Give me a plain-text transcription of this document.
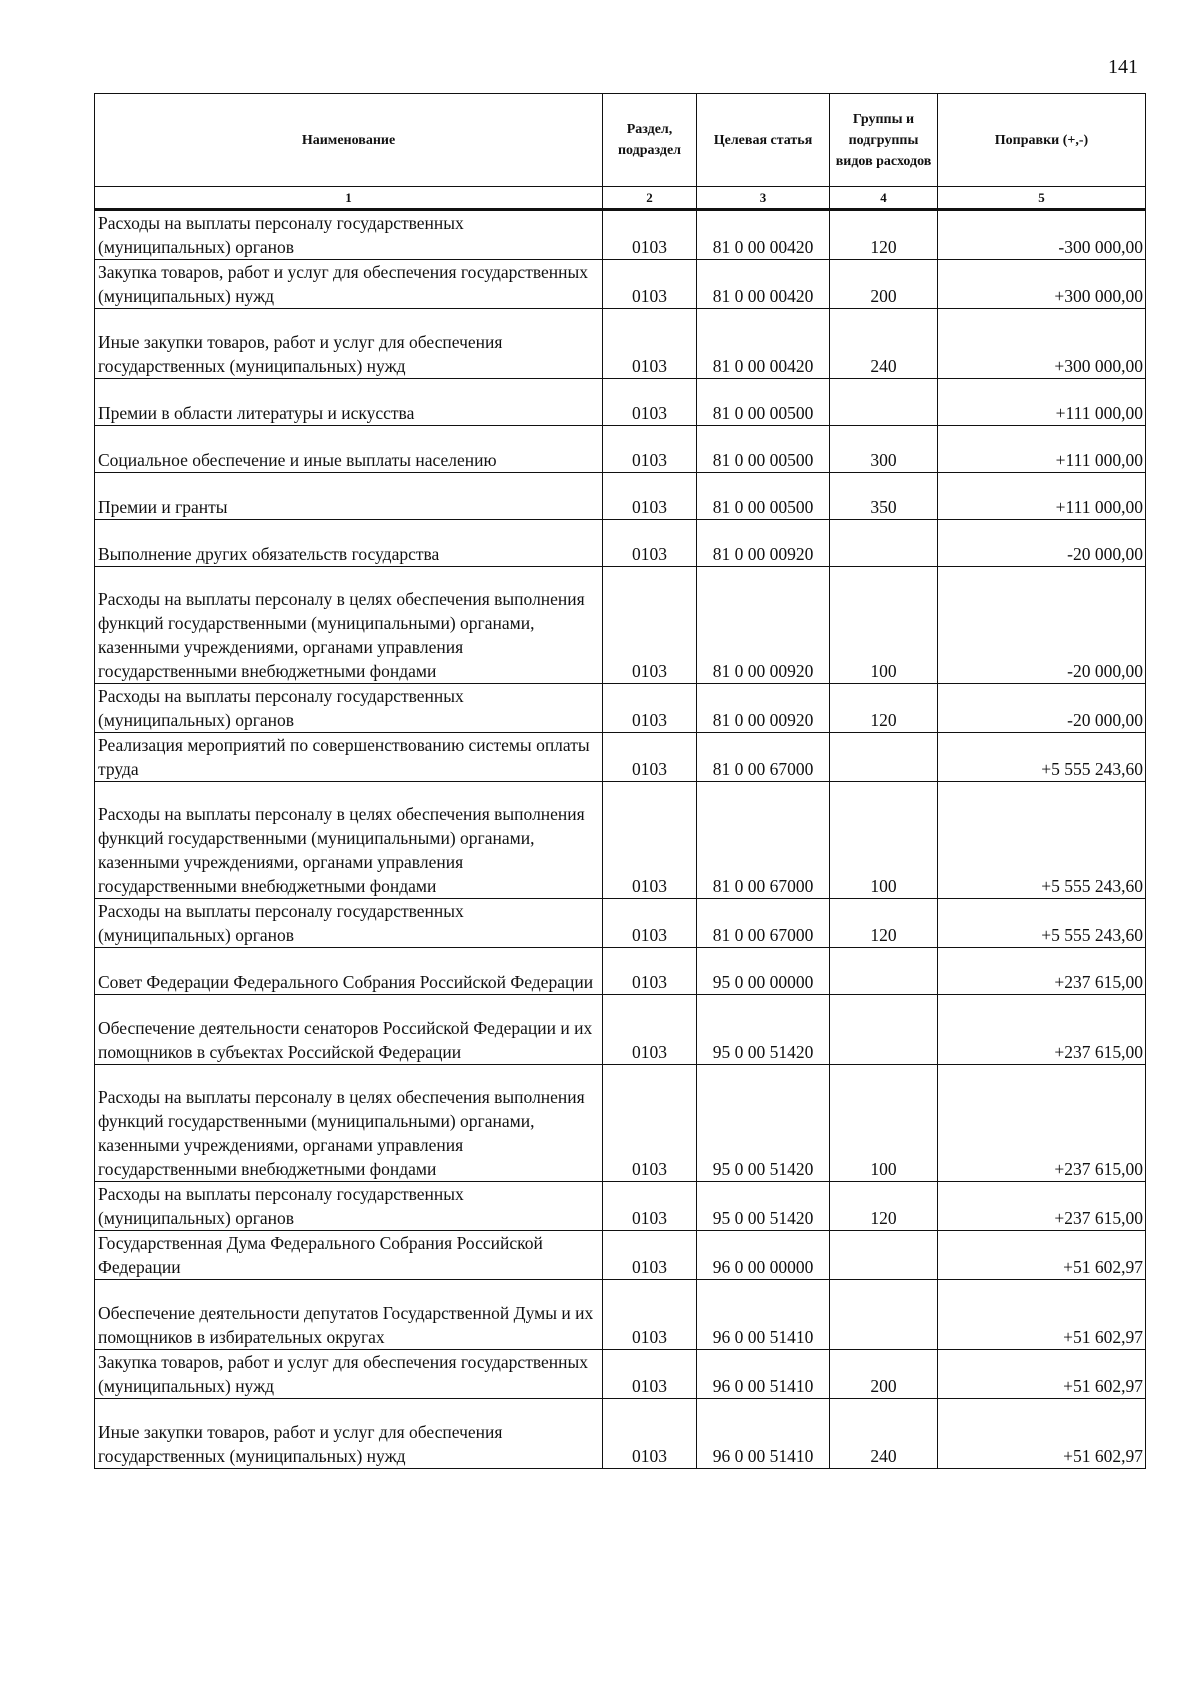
141
Наименование	Раздел, подраздел	Целевая статья	Группы и подгруппы видов расходов	Поправки (+,-)
1	2	3	4	5
Расходы на выплаты персоналу государственных (муниципальных) органов	0103	81 0 00 00420	120	-300 000,00
Закупка товаров, работ и услуг для обеспечения государственных (муниципальных) нужд	0103	81 0 00 00420	200	+300 000,00
Иные закупки товаров, работ и услуг для обеспечения государственных (муниципальных) нужд	0103	81 0 00 00420	240	+300 000,00
Премии в области литературы и искусства	0103	81 0 00 00500		+111 000,00
Социальное обеспечение и иные выплаты населению	0103	81 0 00 00500	300	+111 000,00
Премии и гранты	0103	81 0 00 00500	350	+111 000,00
Выполнение других обязательств государства	0103	81 0 00 00920		-20 000,00
Расходы на выплаты персоналу в целях обеспечения выполнения функций государственными (муниципальными) органами, казенными учреждениями, органами управления государственными внебюджетными фондами	0103	81 0 00 00920	100	-20 000,00
Расходы на выплаты персоналу государственных (муниципальных) органов	0103	81 0 00 00920	120	-20 000,00
Реализация мероприятий по совершенствованию системы оплаты труда	0103	81 0 00 67000		+5 555 243,60
Расходы на выплаты персоналу в целях обеспечения выполнения функций государственными (муниципальными) органами, казенными учреждениями, органами управления государственными внебюджетными фондами	0103	81 0 00 67000	100	+5 555 243,60
Расходы на выплаты персоналу государственных (муниципальных) органов	0103	81 0 00 67000	120	+5 555 243,60
Совет Федерации Федерального Собрания Российской Федерации	0103	95 0 00 00000		+237 615,00
Обеспечение деятельности сенаторов Российской Федерации и их помощников в субъектах Российской Федерации	0103	95 0 00 51420		+237 615,00
Расходы на выплаты персоналу в целях обеспечения выполнения функций государственными (муниципальными) органами, казенными учреждениями, органами управления государственными внебюджетными фондами	0103	95 0 00 51420	100	+237 615,00
Расходы на выплаты персоналу государственных (муниципальных) органов	0103	95 0 00 51420	120	+237 615,00
Государственная Дума Федерального Собрания Российской Федерации	0103	96 0 00 00000		+51 602,97
Обеспечение деятельности депутатов Государственной Думы и их помощников в избирательных округах	0103	96 0 00 51410		+51 602,97
Закупка товаров, работ и услуг для обеспечения государственных (муниципальных) нужд	0103	96 0 00 51410	200	+51 602,97
Иные закупки товаров, работ и услуг для обеспечения государственных (муниципальных) нужд	0103	96 0 00 51410	240	+51 602,97
